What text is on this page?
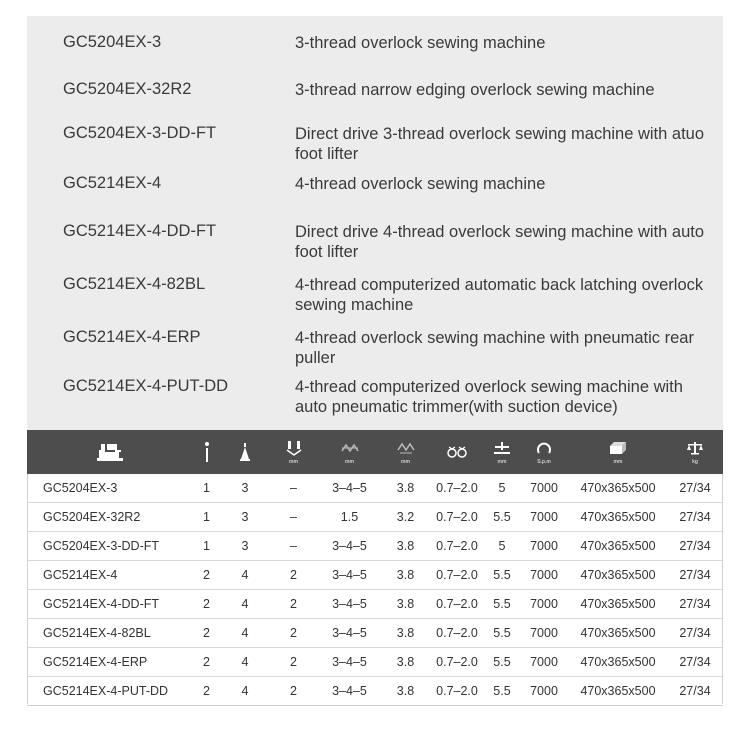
GC5204EX-3	3-thread overlock sewing machine
GC5204EX-32R2	3-thread narrow edging overlock sewing machine
GC5204EX-3-DD-FT	Direct drive 3-thread overlock sewing machine with atuo foot lifter
GC5214EX-4	4-thread overlock sewing machine
GC5214EX-4-DD-FT	Direct drive 4-thread overlock sewing machine with auto foot lifter
GC5214EX-4-82BL	4-thread computerized automatic back latching overlock sewing machine
GC5214EX-4-ERP	4-thread overlock sewing machine with pneumatic rear puller
GC5214EX-4-PUT-DD	4-thread computerized overlock sewing machine with auto pneumatic trimmer(with suction device)

mm	mm	mm		mm	S.p.m	mm	kg

GC5204EX-3	1	3	–	3–4–5	3.8	0.7–2.0	5	7000	470x365x500	27/34
GC5204EX-32R2	1	3	–	1.5	3.2	0.7–2.0	5.5	7000	470x365x500	27/34
GC5204EX-3-DD-FT	1	3	–	3–4–5	3.8	0.7–2.0	5	7000	470x365x500	27/34
GC5214EX-4	2	4	2	3–4–5	3.8	0.7–2.0	5.5	7000	470x365x500	27/34
GC5214EX-4-DD-FT	2	4	2	3–4–5	3.8	0.7–2.0	5.5	7000	470x365x500	27/34
GC5214EX-4-82BL	2	4	2	3–4–5	3.8	0.7–2.0	5.5	7000	470x365x500	27/34
GC5214EX-4-ERP	2	4	2	3–4–5	3.8	0.7–2.0	5.5	7000	470x365x500	27/34
GC5214EX-4-PUT-DD	2	4	2	3–4–5	3.8	0.7–2.0	5.5	7000	470x365x500	27/34
